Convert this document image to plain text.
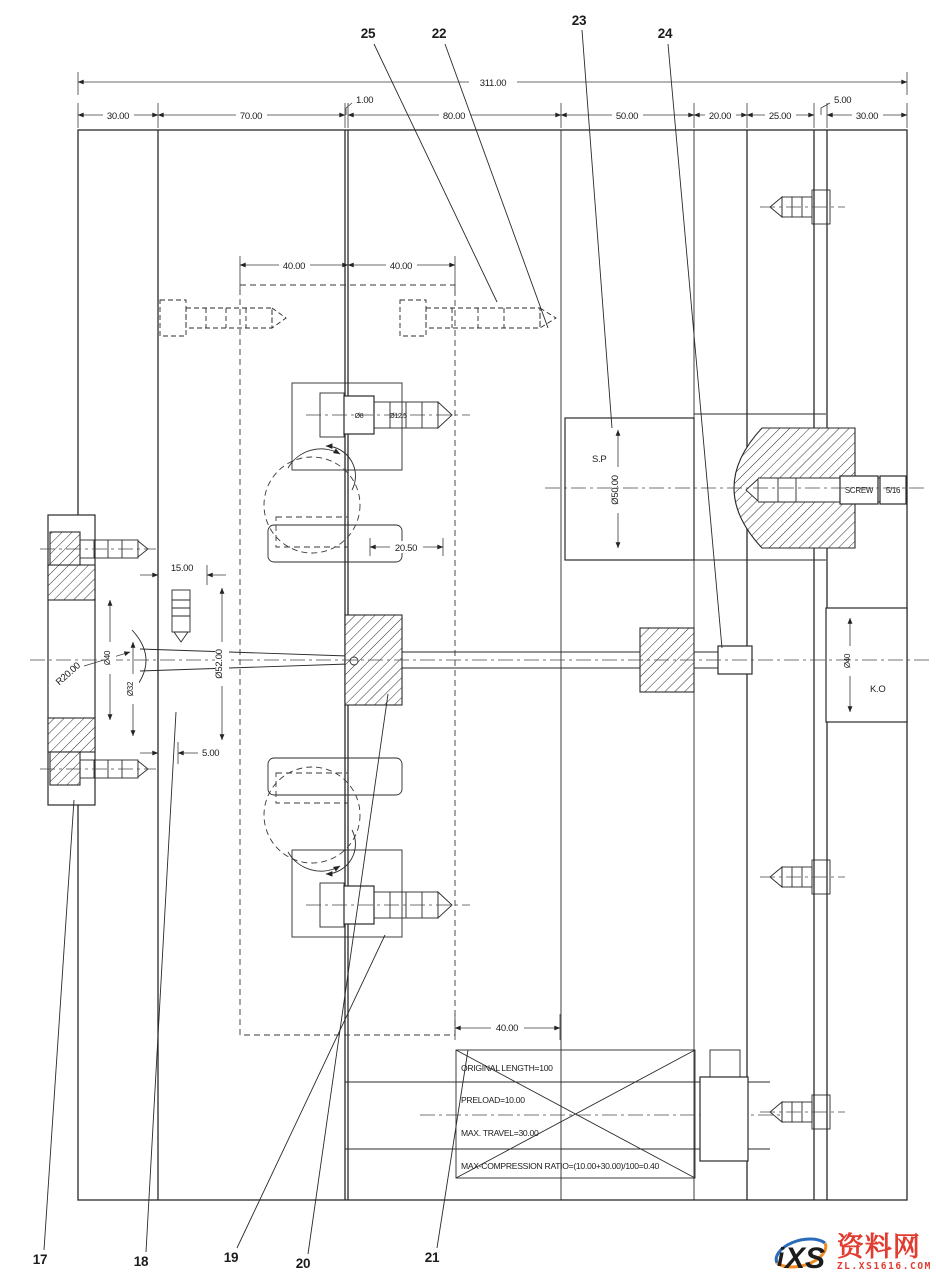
Ø8	Ø12.5
S.P
Ø50.00	SCREW 5/16
K.O
Ø40
ORIGINAL LENGTH=100
PRELOAD=10.00
MAX. TRAVEL=30.00
MAX-COMPRESSION RATIO=(10.00+30.00)/100=0.40
311.00
30.00	70.00
1.00
80.00	50.00	20.00	25.00
5.00
30.00
40.00	40.00
15.00
5.00
20.50
40.00
R20.00
Ø40
Ø32
Ø52.00
25	22
23
24
17	18	19	20	21	i X S 资料网
ZL.XS1616.COM
